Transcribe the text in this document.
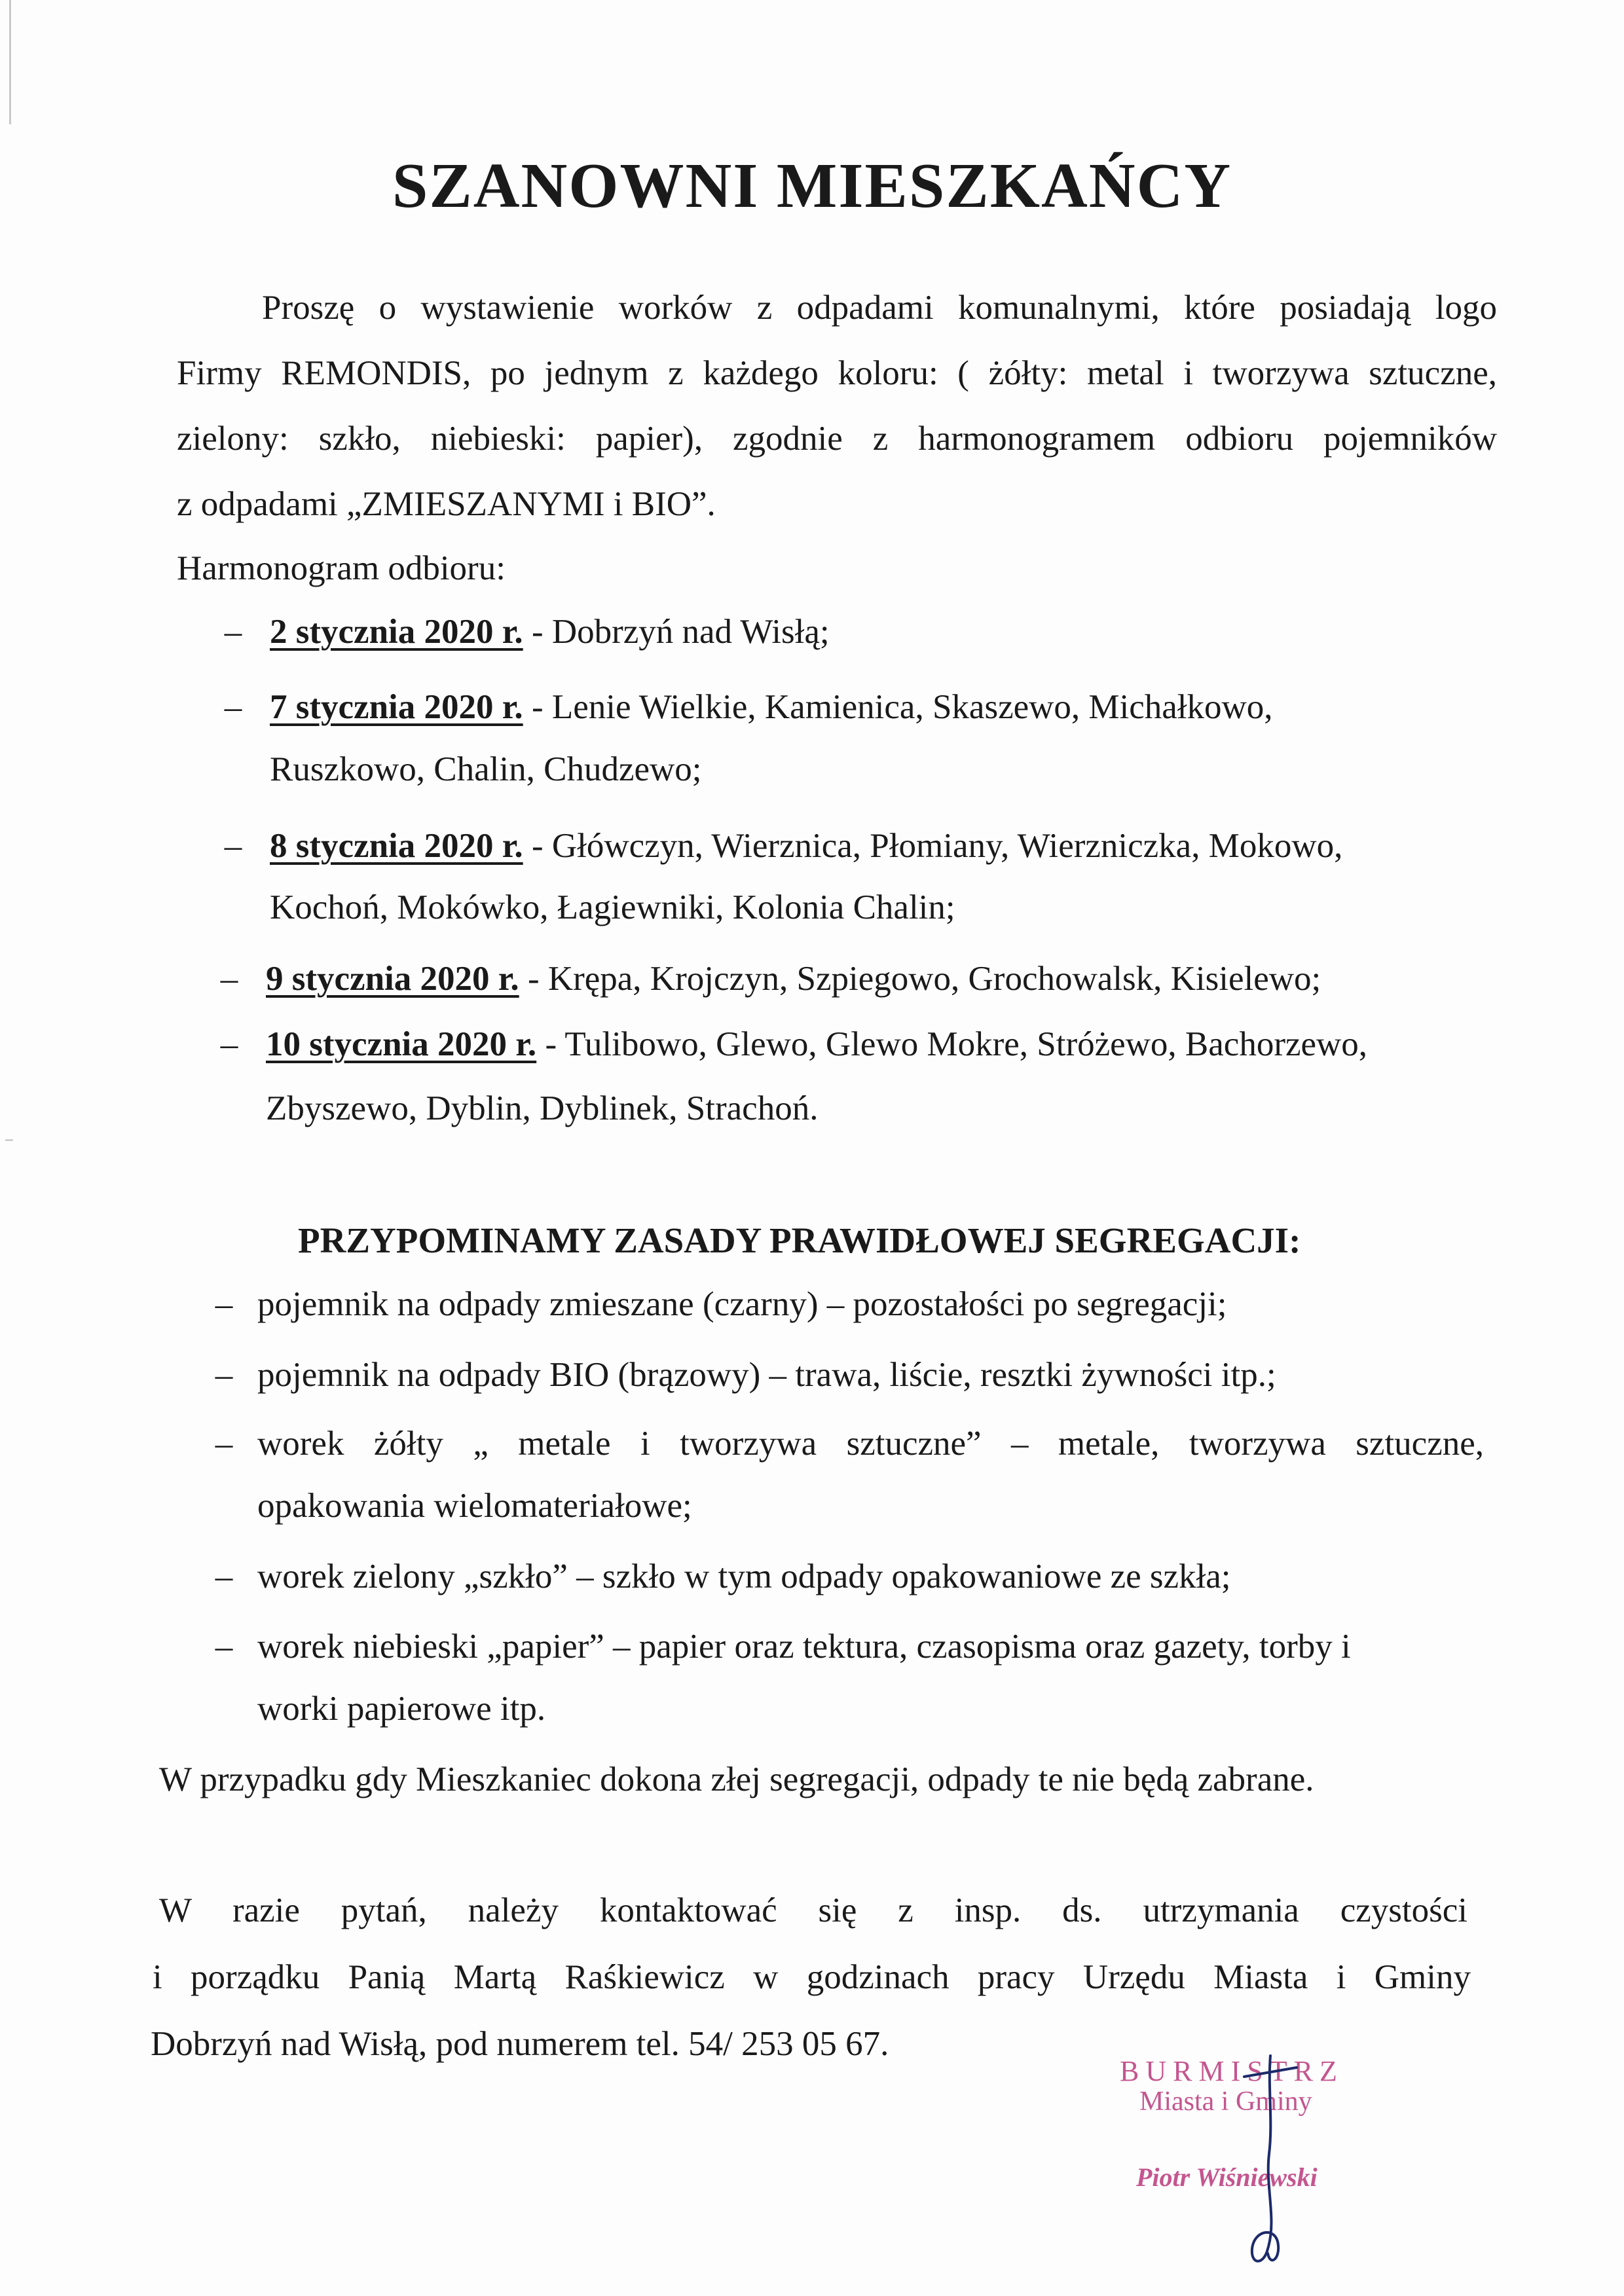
SZANOWNI MIESZKAŃCY

Proszę o wystawienie worków z odpadami komunalnymi, które posiadają logo

Firmy REMONDIS, po jednym z każdego koloru: ( żółty: metal i tworzywa sztuczne,

zielony: szkło, niebieski: papier), zgodnie z harmonogramem odbioru pojemników

z odpadami „ZMIESZANYMI i BIO”.

Harmonogram odbioru:

– 2 stycznia 2020 r. - Dobrzyń nad Wisłą;

– 7 stycznia 2020 r. - Lenie Wielkie, Kamienica, Skaszewo, Michałkowo,

Ruszkowo, Chalin, Chudzewo;

– 8 stycznia 2020 r. - Główczyn, Wierznica, Płomiany, Wierzniczka, Mokowo,

Kochoń, Mokówko, Łagiewniki, Kolonia Chalin;

– 9 stycznia 2020 r. - Krępa, Krojczyn, Szpiegowo, Grochowalsk, Kisielewo;

– 10 stycznia 2020 r. - Tulibowo, Glewo, Glewo Mokre, Stróżewo, Bachorzewo,

Zbyszewo, Dyblin, Dyblinek, Strachoń.

PRZYPOMINAMY ZASADY PRAWIDŁOWEJ SEGREGACJI:

– pojemnik na odpady zmieszane (czarny) – pozostałości po segregacji;

– pojemnik na odpady BIO (brązowy) – trawa, liście, resztki żywności itp.;

– worek żółty „ metale i tworzywa sztuczne” – metale, tworzywa sztuczne,

opakowania wielomateriałowe;

– worek zielony „szkło” – szkło w tym odpady opakowaniowe ze szkła;

– worek niebieski „papier” – papier oraz tektura, czasopisma oraz gazety, torby i

worki papierowe itp.

W przypadku gdy Mieszkaniec dokona złej segregacji, odpady te nie będą zabrane.

W razie pytań, należy kontaktować się z insp. ds. utrzymania czystości

i porządku Panią Martą Raśkiewicz w godzinach pracy Urzędu Miasta i Gminy

Dobrzyń nad Wisłą, pod numerem tel. 54/ 253 05 67.

BURMISTRZ
Miasta i Gminy
Piotr Wiśniewski
